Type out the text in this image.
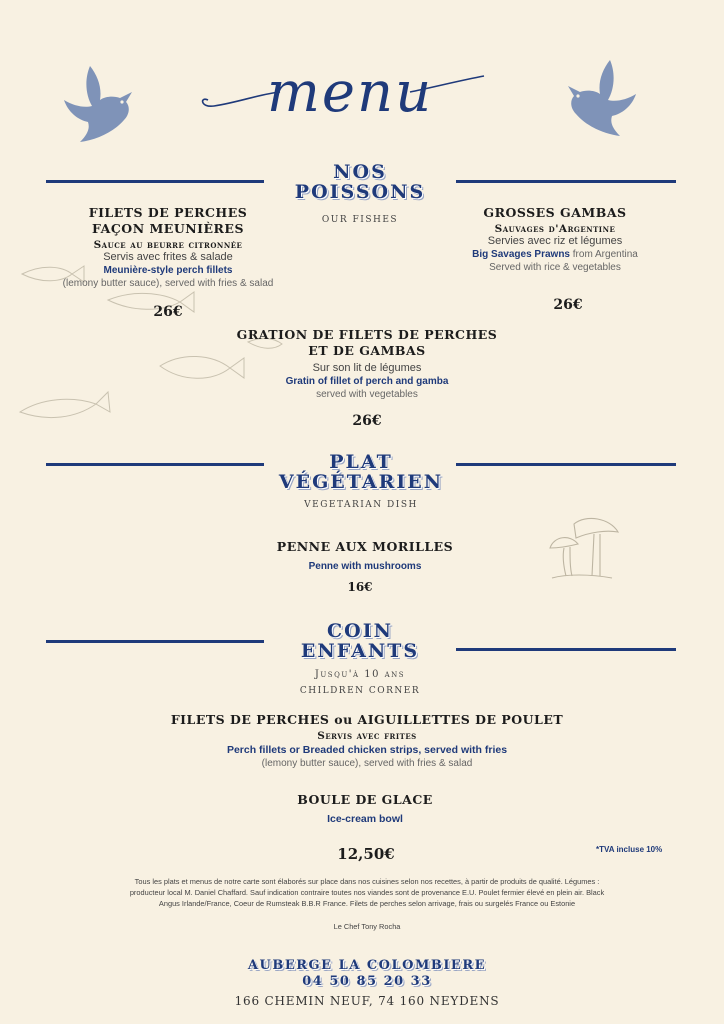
menu
NOS
POISSONS
OUR FISHES
FILETS DE PERCHES
FAÇON MEUNIÈRES
Sauce au beurre citronnée
Servis avec frites & salade
Meunière-style perch fillets
(lemony butter sauce), served with fries & salad
26€
GROSSES GAMBAS
Sauvages d'Argentine
Servies avec riz et légumes
Big Savages Prawns from Argentina
Served with rice & vegetables
26€
GRATION DE FILETS DE PERCHES
ET DE GAMBAS
Sur son lit de légumes
Gratin of fillet of perch and gamba
served with vegetables
26€
PLAT
VÉGÉTARIEN
VEGETARIAN DISH
PENNE AUX MORILLES
Penne with mushrooms
16€
COIN
ENFANTS
Jusqu'à 10 ans
CHILDREN CORNER
FILETS DE PERCHES ou AIGUILLETTES DE POULET
Servis avec frites
Perch fillets or Breaded chicken strips, served with fries
(lemony butter sauce), served with fries & salad
BOULE DE GLACE
Ice-cream bowl
12,50€	*TVA incluse 10%
Tous les plats et menus de notre carte sont élaborés sur place dans nos cuisines selon nos recettes, à partir de produits de qualité. Légumes :
producteur local M. Daniel Chaffard. Sauf indication contraire toutes nos viandes sont de provenance E.U. Poulet fermier élevé en plein air. Black
Angus Irlande/France, Coeur de Rumsteak B.B.R France. Filets de perches selon arrivage, frais ou surgelés France ou Estonie
Le Chef Tony Rocha
AUBERGE LA COLOMBIERE
04 50 85 20 33
166 CHEMIN NEUF, 74 160 NEYDENS
